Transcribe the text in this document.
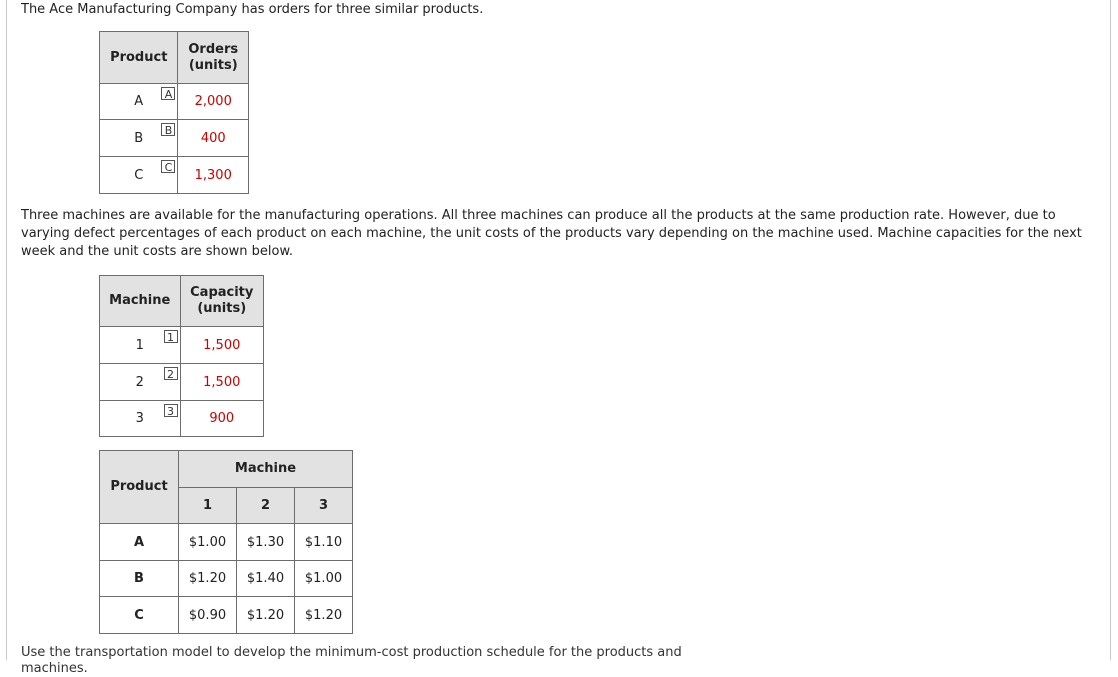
The Ace Manufacturing Company has orders for three similar products.
Product	Orders
(units)
A A	2,000
B B	400
C C	1,300
Three machines are available for the manufacturing operations. All three machines can produce all the products at the same production rate. However, due to varying defect percentages of each product on each machine, the unit costs of the products vary depending on the machine used. Machine capacities for the next week and the unit costs are shown below.
Machine	Capacity
(units)
1 1	1,500
2 2	1,500
3 3	900
Product	Machine		
	1	2	3
A	$1.00	$1.30	$1.10
B	$1.20	$1.40	$1.00
C	$0.90	$1.20	$1.20
Use the transportation model to develop the minimum-cost production schedule for the products and machines.
